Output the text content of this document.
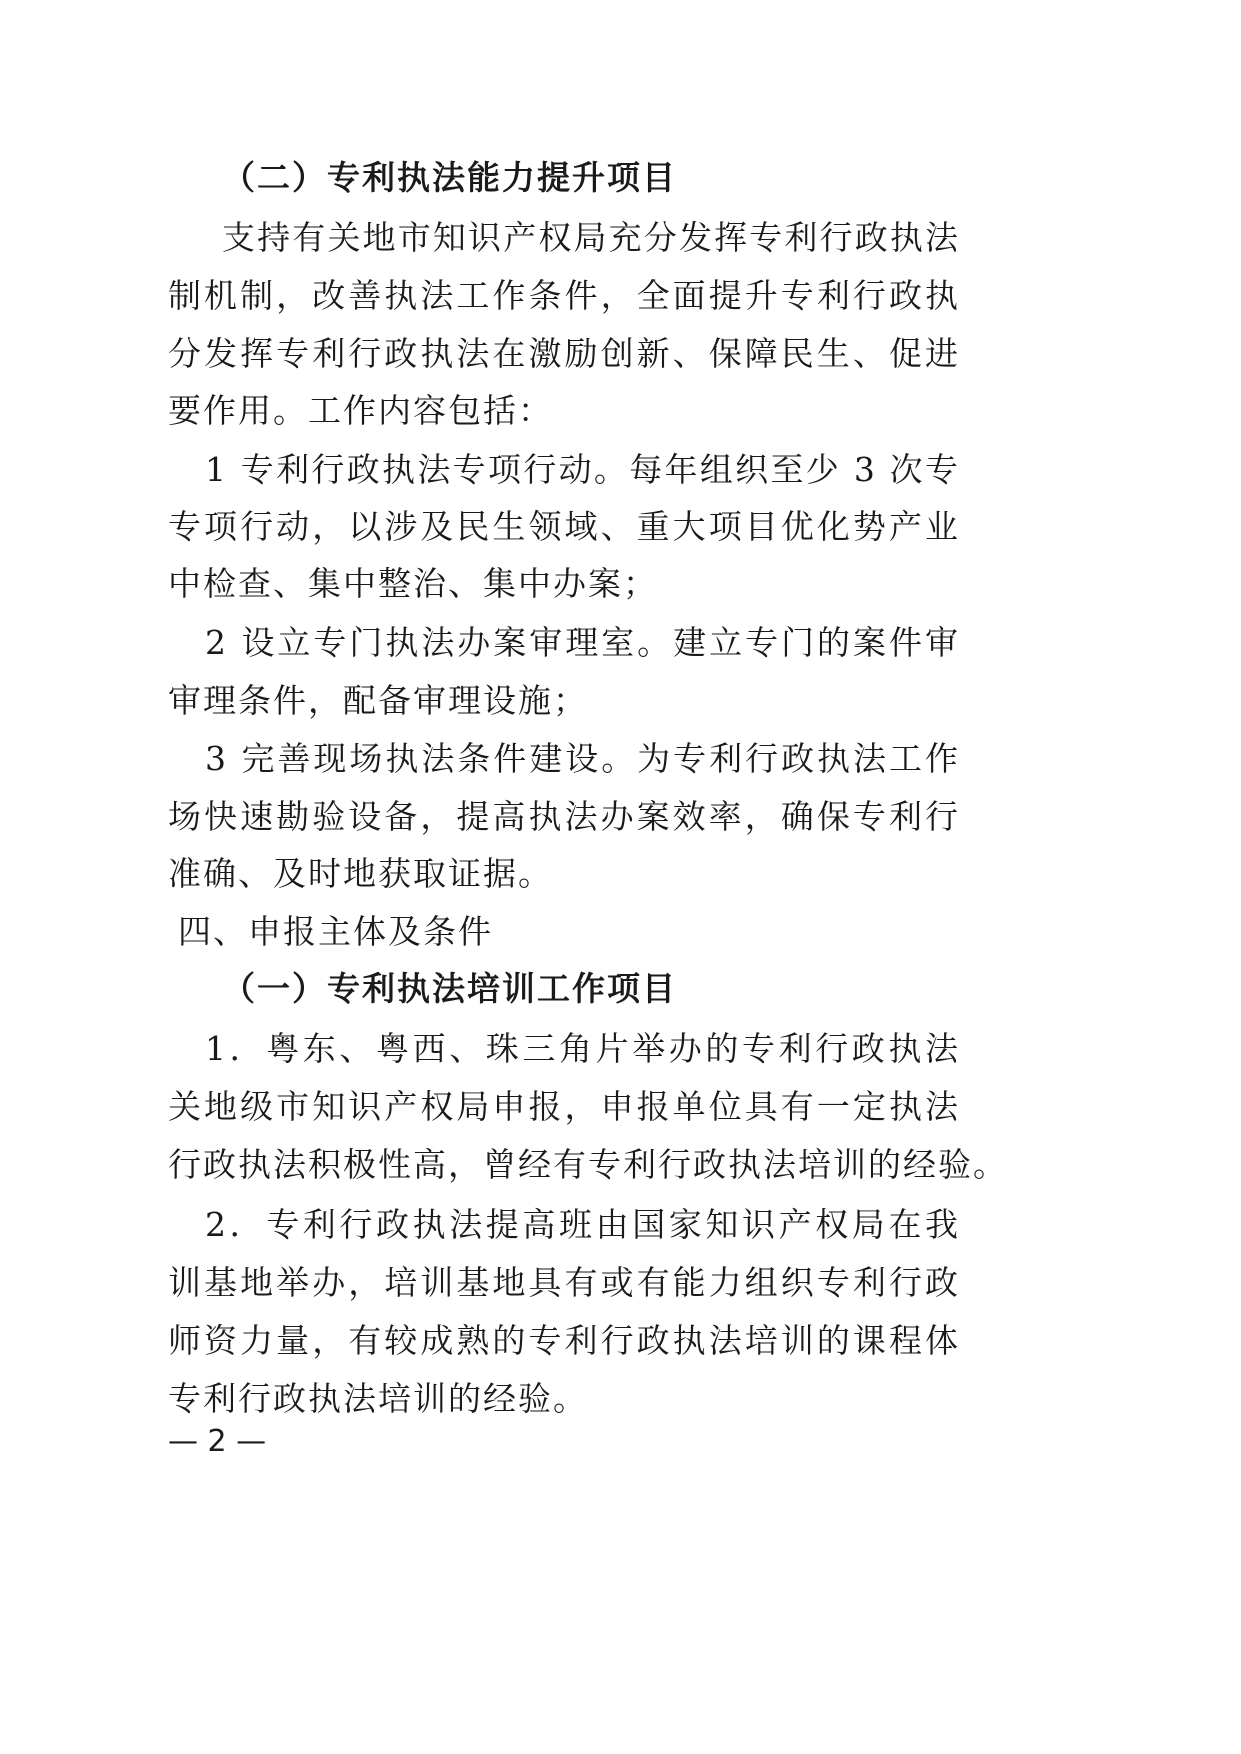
（二）专利执法能力提升项目
支持有关地市知识产权局充分发挥专利行政执法
制机制，改善执法工作条件，全面提升专利行政执
分发挥专利行政执法在激励创新、保障民生、促进
要作用。工作内容包括：
1 专利行政执法专项行动。每年组织至少 3 次专
专项行动，以涉及民生领域、重大项目优化势产业
中检查、集中整治、集中办案；
2 设立专门执法办案审理室。建立专门的案件审
审理条件，配备审理设施；
3 完善现场执法条件建设。为专利行政执法工作
场快速勘验设备，提高执法办案效率，确保专利行
准确、及时地获取证据。
四、申报主体及条件
（一）专利执法培训工作项目
1．粤东、粤西、珠三角片举办的专利行政执法
关地级市知识产权局申报，申报单位具有一定执法
行政执法积极性高，曾经有专利行政执法培训的经验。
2．专利行政执法提高班由国家知识产权局在我
训基地举办，培训基地具有或有能力组织专利行政
师资力量，有较成熟的专利行政执法培训的课程体
专利行政执法培训的经验。
— 2 —
